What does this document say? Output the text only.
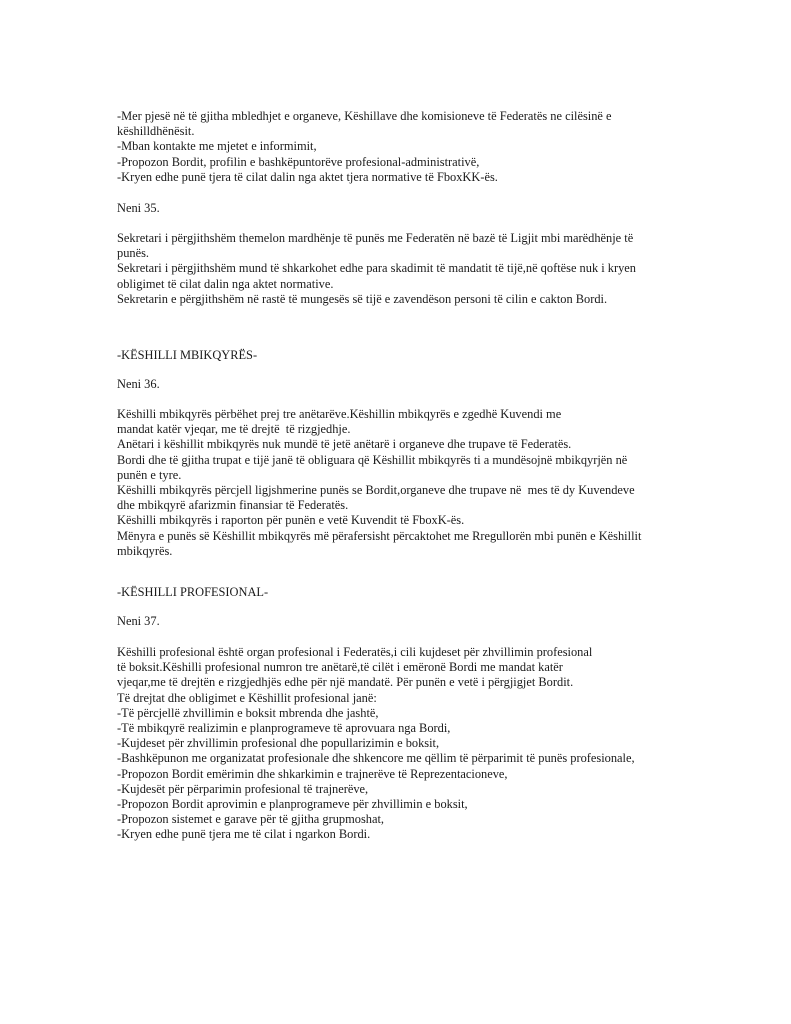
-Mer pjesë në të gjitha mbledhjet e organeve, Këshillave dhe komisioneve të Federatës ne cilësinë e
këshilldhënësit.
-Mban kontakte me mjetet e informimit,
-Propozon Bordit, profilin e bashkëpuntorëve profesional-administrativë,
-Kryen edhe punë tjera të cilat dalin nga aktet tjera normative të FboxKK-ës.
Neni 35.
Sekretari i përgjithshëm themelon mardhënje të punës me Federatën në bazë të Ligjit mbi marëdhënje të
punës.
Sekretari i përgjithshëm mund të shkarkohet edhe para skadimit të mandatit të tijë,në qoftëse nuk i kryen
obligimet të cilat dalin nga aktet normative.
Sekretarin e përgjithshëm në rastë të mungesës së tijë e zavendëson personi të cilin e cakton Bordi.
-KËSHILLI MBIKQYRËS-
Neni 36.
Këshilli mbikqyrës përbëhet prej tre anëtarëve.Këshillin mbikqyrës e zgedhë Kuvendi me
mandat katër vjeqar, me të drejtë  të rizgjedhje.
Anëtari i këshillit mbikqyrës nuk mundë të jetë anëtarë i organeve dhe trupave të Federatës.
Bordi dhe të gjitha trupat e tijë janë të obliguara që Këshillit mbikqyrës ti a mundësojnë mbikqyrjën në
punën e tyre.
Këshilli mbikqyrës përcjell ligjshmerine punës se Bordit,organeve dhe trupave në  mes të dy Kuvendeve
dhe mbikqyrë afarizmin finansiar të Federatës.
Këshilli mbikqyrës i raporton për punën e vetë Kuvendit të FboxK-ës.
Mënyra e punës së Këshillit mbikqyrës më përafersisht përcaktohet me Rregullorën mbi punën e Këshillit
mbikqyrës.
-KËSHILLI PROFESIONAL-
Neni 37.
Këshilli profesional është organ profesional i Federatës,i cili kujdeset për zhvillimin profesional
të boksit.Këshilli profesional numron tre anëtarë,të cilët i emëronë Bordi me mandat katër
vjeqar,me të drejtën e rizgjedhjës edhe për një mandatë. Për punën e vetë i përgjigjet Bordit.
Të drejtat dhe obligimet e Këshillit profesional janë:
-Të përcjellë zhvillimin e boksit mbrenda dhe jashtë,
-Të mbikqyrë realizimin e planprogrameve të aprovuara nga Bordi,
-Kujdeset për zhvillimin profesional dhe popullarizimin e boksit,
-Bashkëpunon me organizatat profesionale dhe shkencore me qëllim të përparimit të punës profesionale,
-Propozon Bordit emërimin dhe shkarkimin e trajnerëve të Reprezentacioneve,
-Kujdesët për përparimin profesional të trajnerëve,
-Propozon Bordit aprovimin e planprogrameve për zhvillimin e boksit,
-Propozon sistemet e garave për të gjitha grupmoshat,
-Kryen edhe punë tjera me të cilat i ngarkon Bordi.
